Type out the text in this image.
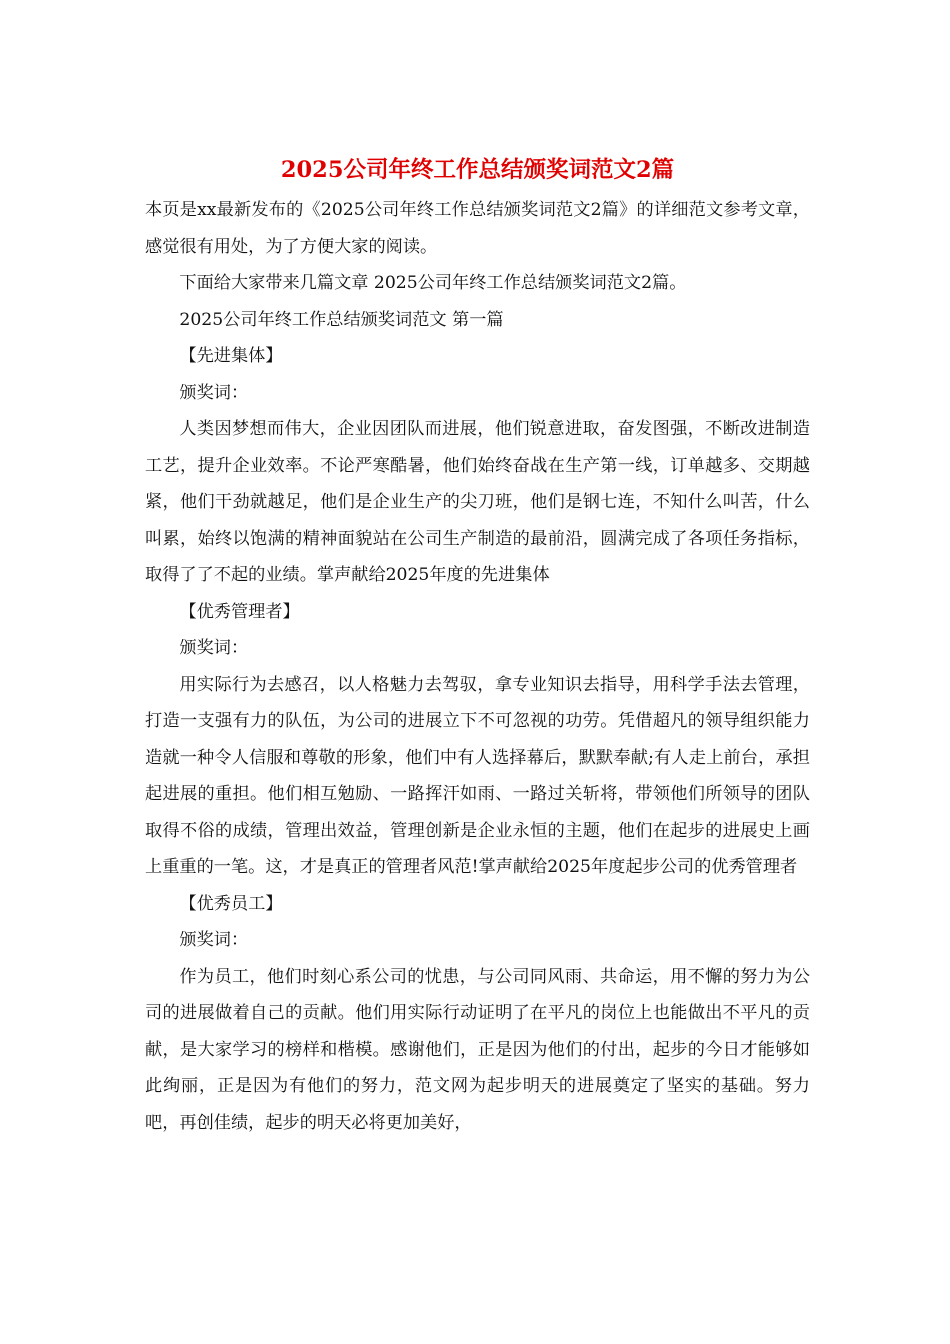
2025公司年终工作总结颁奖词范文2篇

本页是xx最新发布的《2025公司年终工作总结颁奖词范文2篇》的详细范文参考文章，感觉很有用处，为了方便大家的阅读。

下面给大家带来几篇文章 2025公司年终工作总结颁奖词范文2篇。

2025公司年终工作总结颁奖词范文 第一篇

【先进集体】

颁奖词：

人类因梦想而伟大，企业因团队而进展，他们锐意进取，奋发图强，不断改进制造工艺，提升企业效率。不论严寒酷暑，他们始终奋战在生产第一线，订单越多、交期越紧，他们干劲就越足，他们是企业生产的尖刀班，他们是钢七连，不知什么叫苦，什么叫累，始终以饱满的精神面貌站在公司生产制造的最前沿，圆满完成了各项任务指标，取得了了不起的业绩。掌声献给2025年度的先进集体

【优秀管理者】

颁奖词：

用实际行为去感召，以人格魅力去驾驭，拿专业知识去指导，用科学手法去管理，打造一支强有力的队伍，为公司的进展立下不可忽视的功劳。凭借超凡的领导组织能力造就一种令人信服和尊敬的形象，他们中有人选择幕后，默默奉献;有人走上前台，承担起进展的重担。他们相互勉励、一路挥汗如雨、一路过关斩将，带领他们所领导的团队取得不俗的成绩，管理出效益，管理创新是企业永恒的主题，他们在起步的进展史上画上重重的一笔。这，才是真正的管理者风范!掌声献给2025年度起步公司的优秀管理者

【优秀员工】

颁奖词：

作为员工，他们时刻心系公司的忧患，与公司同风雨、共命运，用不懈的努力为公司的进展做着自己的贡献。他们用实际行动证明了在平凡的岗位上也能做出不平凡的贡献，是大家学习的榜样和楷模。感谢他们，正是因为他们的付出，起步的今日才能够如此绚丽，正是因为有他们的努力，范文网为起步明天的进展奠定了坚实的基础。努力吧，再创佳绩，起步的明天必将更加美好，
